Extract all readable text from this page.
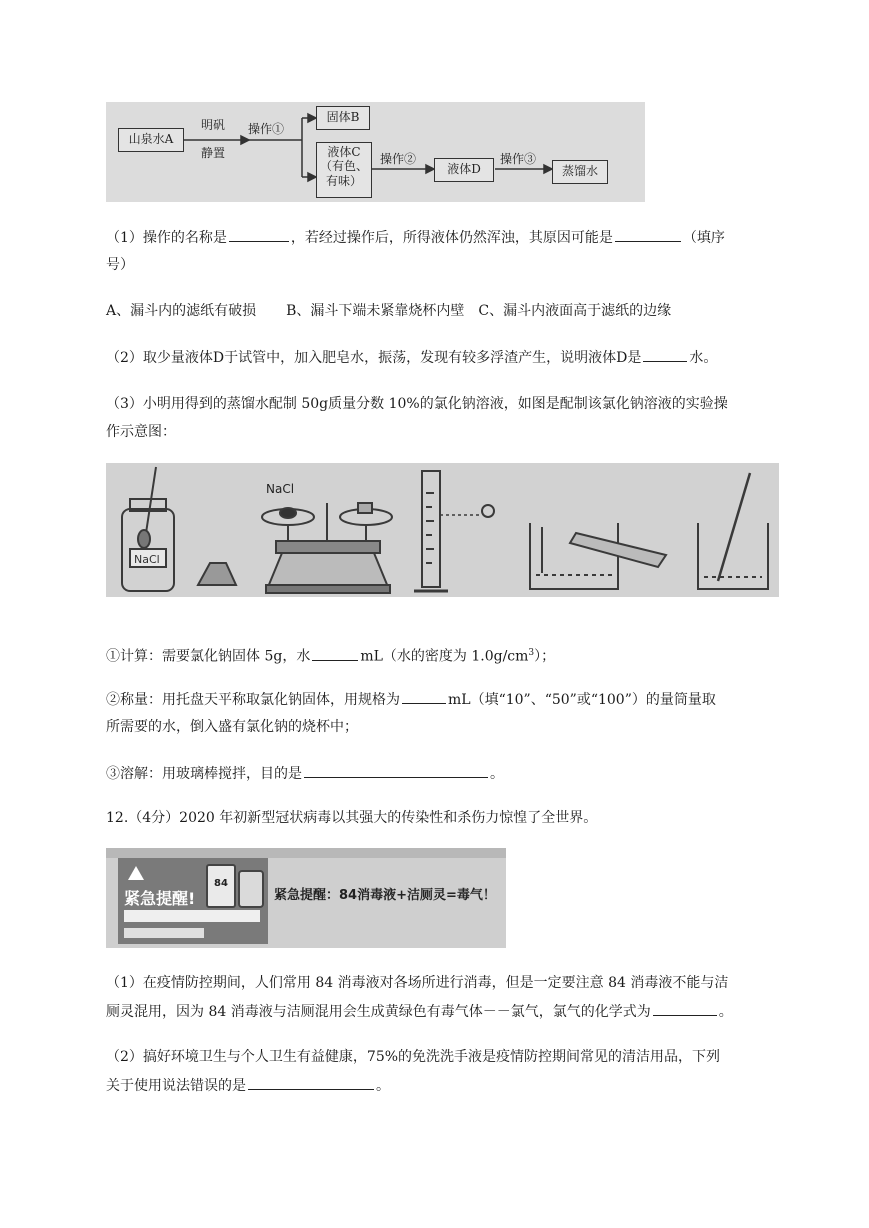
山泉水A
明矾
静置
操作①
固体B
液体C
（有色、
有味）
操作②
液体D
操作③
蒸馏水
（1）操作的名称是	，若经过操作后，所得液体仍然浑浊，其原因可能是	（填序
号）
A、漏斗内的滤纸有破损 B、漏斗下端未紧靠烧杯内壁 C、漏斗内液面高于滤纸的边缘
（2）取少量液体D于试管中，加入肥皂水，振荡，发现有较多浮渣产生，说明液体D是	水。
（3）小明用得到的蒸馏水配制 50g质量分数 10%的氯化钠溶液，如图是配制该氯化钠溶液的实验操
作示意图：
NaCl
NaCl
①计算：需要氯化钠固体 5g，水	mL（水的密度为 $1.0g/cm^3$）；
②称量：用托盘天平称取氯化钠固体，用规格为	mL（填“10”、“50”或“100”）的量筒量取
所需要的水，倒入盛有氯化钠的烧杯中；
③溶解：用玻璃棒搅拌，目的是	。
12.（4分）2020 年初新型冠状病毒以其强大的传染性和杀伤力惊惶了全世界。
紧急提醒!
84
紧急提醒：84消毒液+洁厕灵=毒气！
（1）在疫情防控期间，人们常用 84 消毒液对各场所进行消毒，但是一定要注意 84 消毒液不能与洁
厕灵混用，因为 84 消毒液与洁厕混用会生成黄绿色有毒气体－－氯气，氯气的化学式为	。
（2）搞好环境卫生与个人卫生有益健康，75%的免洗洗手液是疫情防控期间常见的清洁用品，下列
关于使用说法错误的是	。
